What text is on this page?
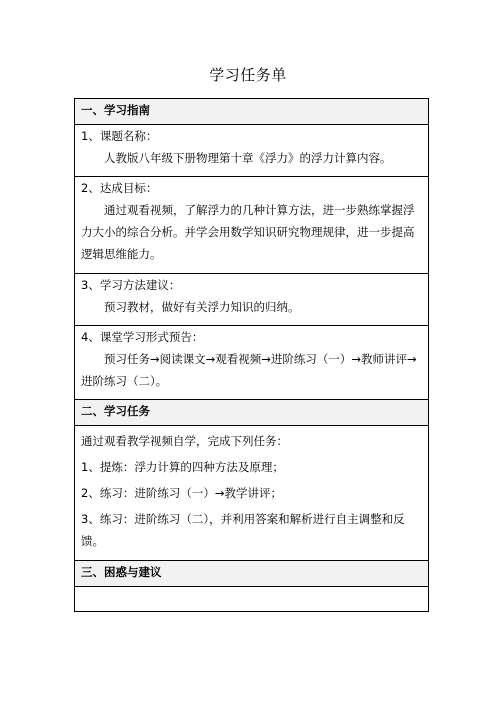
学习任务单
一、学习指南

1、课题名称：
人教版八年级下册物理第十章《浮力》的浮力计算内容。

2、达成目标：
通过观看视频，了解浮力的几种计算方法，进一步熟练掌握浮力大小的综合分析。并学会用数学知识研究物理规律，进一步提高逻辑思维能力。

3、学习方法建议：
预习教材，做好有关浮力知识的归纳。

4、课堂学习形式预告：
预习任务→阅读课文→观看视频→进阶练习（一）→教师讲评→进阶练习（二）。

二、学习任务

通过观看教学视频自学，完成下列任务：
1、提炼：浮力计算的四种方法及原理；
2、练习：进阶练习（一）→教学讲评；
3、练习：进阶练习（二），并利用答案和解析进行自主调整和反馈。

三、困惑与建议
